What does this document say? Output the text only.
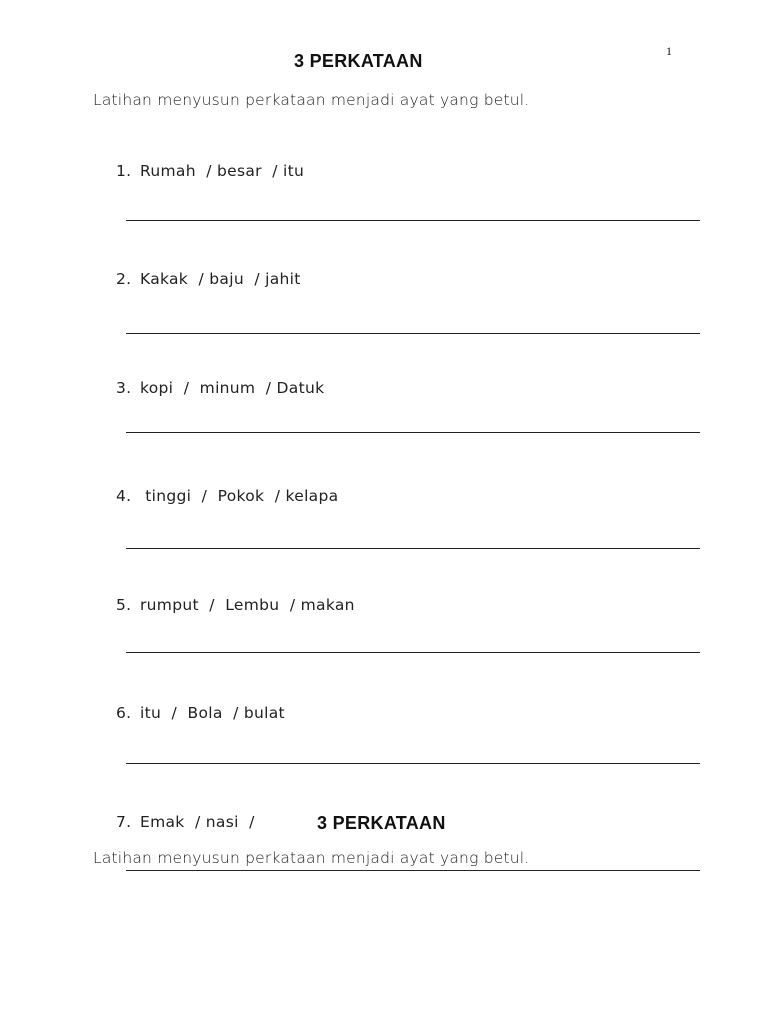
1
3 PERKATAAN
Latihan menyusun perkataan menjadi ayat yang betul.
1. Rumah  / besar  / itu
2. Kakak  / baju  / jahit
3. kopi  /  minum  / Datuk
4. tinggi  /  Pokok  / kelapa
5. rumput  /  Lembu  / makan
6. itu  /  Bola  / bulat
7. Emak  / nasi  /	3 PERKATAAN
Latihan menyusun perkataan menjadi ayat yang betul.
